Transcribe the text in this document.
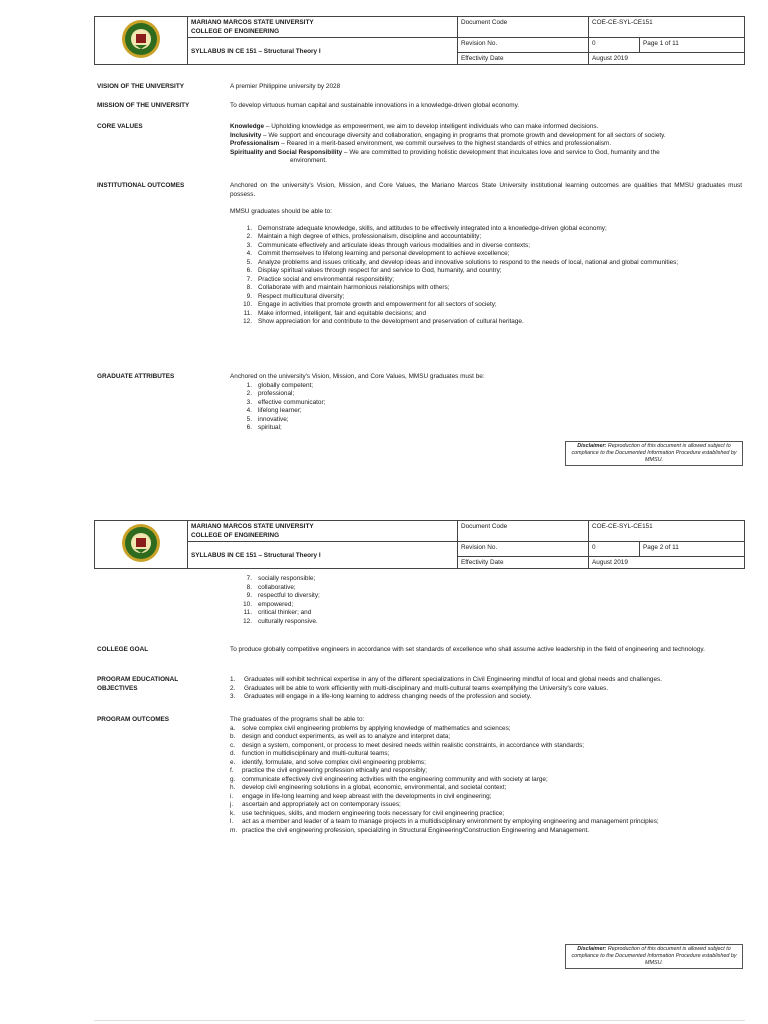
MARIANO MARCOS STATE UNIVERSITY
COLLEGE OF ENGINEERING	Document Code	COE-CE-SYL-CE151	
	SYLLABUS IN CE 151 – Structural Theory I	Revision No.	0	Page 1 of 11
		Effectivity Date	August 2019	
VISION OF THE UNIVERSITY	A premier Philippine university by 2028
MISSION OF THE UNIVERSITY	To develop virtuous human capital and sustainable innovations in a knowledge-driven global economy.
CORE VALUES	Knowledge – Upholding knowledge as empowerment, we aim to develop intelligent individuals who can make informed decisions.

Inclusivity – We support and encourage diversity and collaboration, engaging in programs that promote growth and development for all sectors of society.

Professionalism – Reared in a merit-based environment, we commit ourselves to the highest standards of ethics and professionalism.

Spirituality and Social Responsibility – We are committed to providing holistic development that inculcates love and service to God, humanity and the

environment.

INSTITUTIONAL OUTCOMES	Anchored on the university's Vision, Mission, and Core Values, the Mariano Marcos State University institutional learning outcomes are qualities that MMSU graduates must possess.

MMSU graduates should be able to:

1. Demonstrate adequate knowledge, skills, and attitudes to be effectively integrated into a knowledge-driven global economy;
2. Maintain a high degree of ethics, professionalism, discipline and accountability;
3. Communicate effectively and articulate ideas through various modalities and in diverse contexts;
4. Commit themselves to lifelong learning and personal development to achieve excellence;
5. Analyze problems and issues critically, and develop ideas and innovative solutions to respond to the needs of local, national and global communities;
6. Display spiritual values through respect for and service to God, humanity, and country;
7. Practice social and environmental responsibility;
8. Collaborate with and maintain harmonious relationships with others;
9. Respect multicultural diversity;
10. Engage in activities that promote growth and empowerment for all sectors of society;
11. Make informed, intelligent, fair and equitable decisions; and
12. Show appreciation for and contribute to the development and preservation of cultural heritage.
GRADUATE ATTRIBUTES	Anchored on the university's Vision, Mission, and Core Values, MMSU graduates must be:

1. globally competent;
2. professional;
3. effective communicator;
4. lifelong learner;
5. innovative;
6. spiritual;
Disclaimer: Reproduction of this document is allowed subject to compliance to the Documented Information Procedure established by MMSU.

MARIANO MARCOS STATE UNIVERSITY
COLLEGE OF ENGINEERING	Document Code	COE-CE-SYL-CE151	
	SYLLABUS IN CE 151 – Structural Theory I	Revision No.	0	Page 2 of 11
		Effectivity Date	August 2019	
7. socially responsible;
8. collaborative;
9. respectful to diversity;
10. empowered;
11. critical thinker; and
12. culturally responsive.
COLLEGE GOAL	To produce globally competitive engineers in accordance with set standards of excellence who shall assume active leadership in the field of engineering and technology.
PROGRAM EDUCATIONAL
OBJECTIVES
1.	Graduates will exhibit technical expertise in any of the different specializations in Civil Engineering mindful of local and global needs and challenges.
2.	Graduates will be able to work efficiently with multi-disciplinary and multi-cultural teams exemplifying the University's core values.
3.	Graduates will engage in a life-long learning to address changing needs of the profession and society.
PROGRAM OUTCOMES	The graduates of the programs shall be able to:

a.	solve complex civil engineering problems by applying knowledge of mathematics and sciences;
b.	design and conduct experiments, as well as to analyze and interpret data;
c.	design a system, component, or process to meet desired needs within realistic constraints, in accordance with standards;
d.	function in multidisciplinary and multi-cultural teams;
e.	identify, formulate, and solve complex civil engineering problems;
f.	practice the civil engineering profession ethically and responsibly;
g.	communicate effectively civil engineering activities with the engineering community and with society at large;
h.	develop civil engineering solutions in a global, economic, environmental, and societal context;
i.	engage in life-long learning and keep abreast with the developments in civil engineering;
j.	ascertain and appropriately act on contemporary issues;
k.	use techniques, skills, and modern engineering tools necessary for civil engineering practice;
l.	act as a member and leader of a team to manage projects in a multidisciplinary environment by employing engineering and management principles;
m. practice the civil engineering profession, specializing in Structural Engineering/Construction Engineering and Management.
Disclaimer: Reproduction of this document is allowed subject to compliance to the Documented Information Procedure established by MMSU.
